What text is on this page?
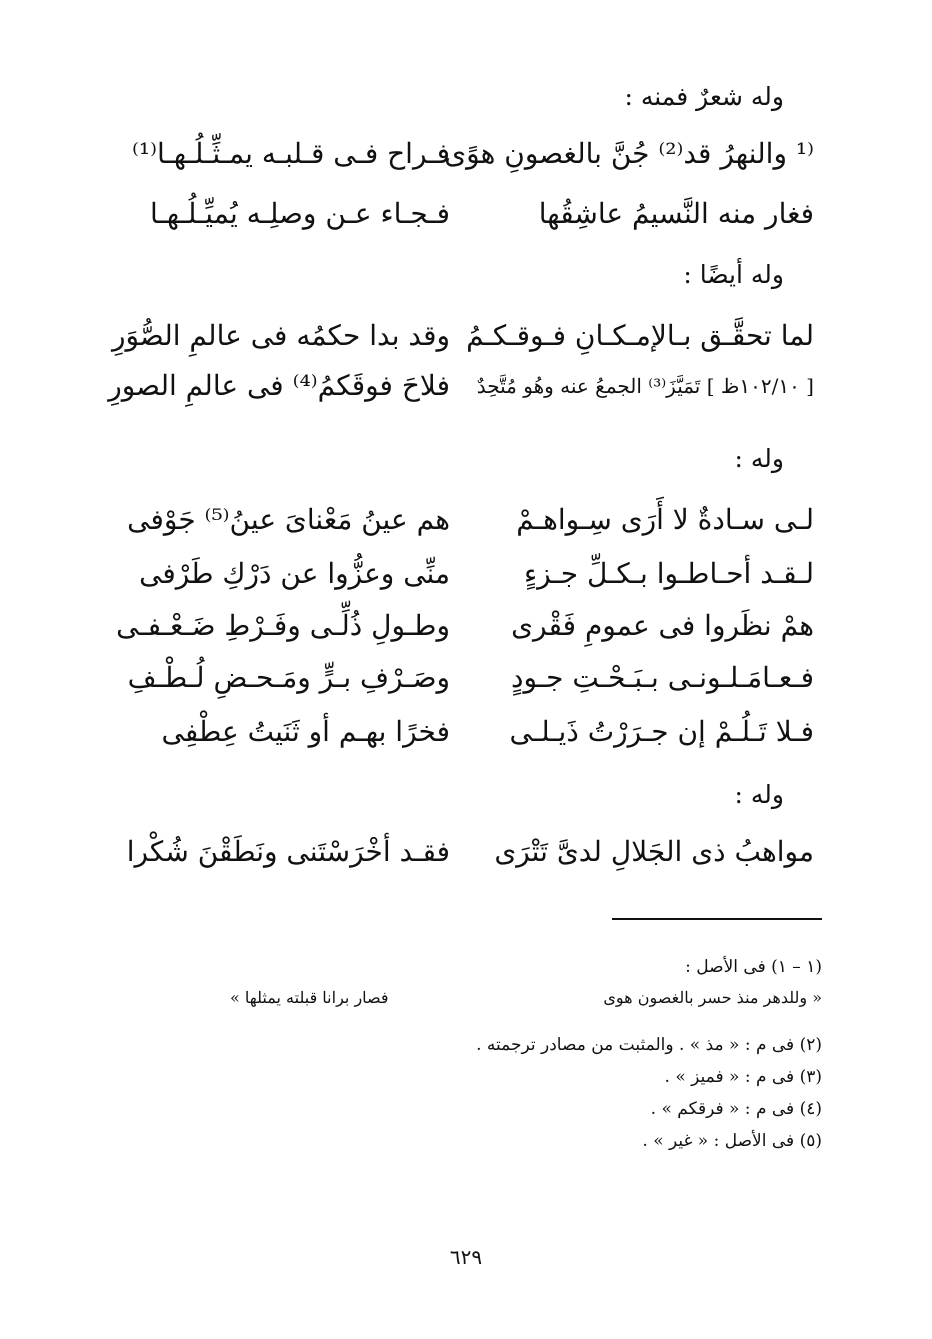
وله شعرٌ فمنه :
⁽¹ والنهرُ قد⁽²⁾ جُنَّ بالغصونِ هوًى
فـراح فـى قـلبـه يمـثِّـلُـهـا⁽¹⁾
فغار منه النَّسيمُ عاشِقُها
فـجـاء عـن وصلِـه يُميِّـلُـهـا
وله أيضًا :
لما تحقَّـق بـالإمـكـانِ فـوقـكـمُ
وقد بدا حكمُه فى عالمِ الصُّوَرِ
[ ١٠٢/١٠ظ ] تَمَيَّزَ⁽³⁾ الجمعُ عنه وهُو مُتَّحِدٌ
فلاحَ فوقَكمُ⁽⁴⁾ فى عالمِ الصورِ
وله :
لـى سـادةٌ لا أَرَى سِـواهـمْ
هم عينُ مَعْناىَ عينُ⁽⁵⁾ جَوْفى
لـقـد أحـاطـوا بـكـلِّ جـزءٍ
منِّى وعزُّوا عن دَرْكِ طَرْفى
همْ نظَروا فى عمومِ فَقْرى
وطـولِ ذُلِّـى وفَـرْطِ ضَـعْـفـى
فـعـامَـلـونـى بـبَـحْـتِ جـودٍ
وصَـرْفِ بـرٍّ ومَـحـضِ لُـطْـفِ
فـلا تَـلُـمْ إن جـرَرْتُ ذَيـلـى
فخرًا بهـم أو ثَنَيتُ عِطْفِى
وله :
مواهبُ ذى الجَلالِ لدىَّ تَتْرَى
فقـد أخْرَسْتَنى ونَطَقْنَ شُكْرا
(١ – ١) فى الأصل :
« وللدهر منذ حسر بالغصون هوى
فصار برانا قبلته يمثلها »
(٢) فى م : « مذ » . والمثبت من مصادر ترجمته .
(٣) فى م : « فميز » .
(٤) فى م : « فرقكم » .
(٥) فى الأصل : « غير » .
٦٢٩
